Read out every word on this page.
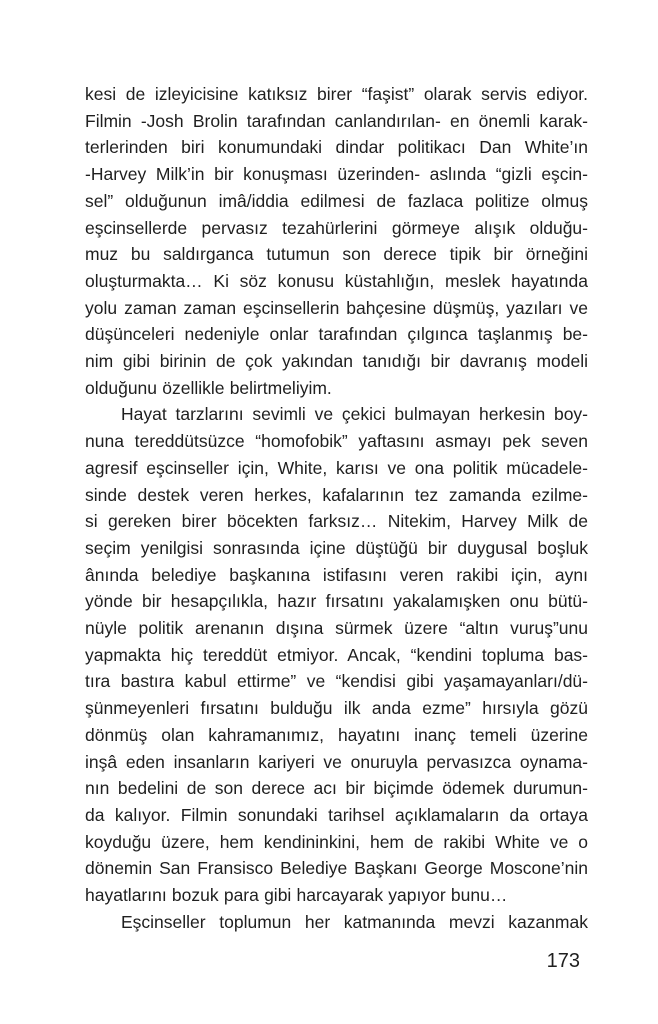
kesi de izleyicisine katıksız birer “faşist” olarak servis ediyor.
Filmin -Josh Brolin tarafından canlandırılan- en önemli karak-
terlerinden biri konumundaki dindar politikacı Dan White’ın
-Harvey Milk’in bir konuşması üzerinden- aslında “gizli eşcin-
sel” olduğunun imâ/iddia edilmesi de fazlaca politize olmuş
eşcinsellerde pervasız tezahürlerini görmeye alışık olduğu-
muz bu saldırganca tutumun son derece tipik bir örneğini
oluşturmakta… Ki söz konusu küstahlığın, meslek hayatında
yolu zaman zaman eşcinsellerin bahçesine düşmüş, yazıları ve
düşünceleri nedeniyle onlar tarafından çılgınca taşlanmış be-
nim gibi birinin de çok yakından tanıdığı bir davranış modeli
olduğunu özellikle belirtmeliyim.
Hayat tarzlarını sevimli ve çekici bulmayan herkesin boy-
nuna tereddütsüzce “homofobik” yaftasını asmayı pek seven
agresif eşcinseller için, White, karısı ve ona politik mücadele-
sinde destek veren herkes, kafalarının tez zamanda ezilme-
si gereken birer böcekten farksız… Nitekim, Harvey Milk de
seçim yenilgisi sonrasında içine düştüğü bir duygusal boşluk
ânında belediye başkanına istifasını veren rakibi için, aynı
yönde bir hesapçılıkla, hazır fırsatını yakalamışken onu bütü-
nüyle politik arenanın dışına sürmek üzere “altın vuruş”unu
yapmakta hiç tereddüt etmiyor. Ancak, “kendini topluma bas-
tıra bastıra kabul ettirme” ve “kendisi gibi yaşamayanları/dü-
şünmeyenleri fırsatını bulduğu ilk anda ezme” hırsıyla gözü
dönmüş olan kahramanımız, hayatını inanç temeli üzerine
inşâ eden insanların kariyeri ve onuruyla pervasızca oynama-
nın bedelini de son derece acı bir biçimde ödemek durumun-
da kalıyor. Filmin sonundaki tarihsel açıklamaların da ortaya
koyduğu üzere, hem kendininkini, hem de rakibi White ve o
dönemin San Fransisco Belediye Başkanı George Moscone’nin
hayatlarını bozuk para gibi harcayarak yapıyor bunu…
Eşcinseller toplumun her katmanında mevzi kazanmak
173
